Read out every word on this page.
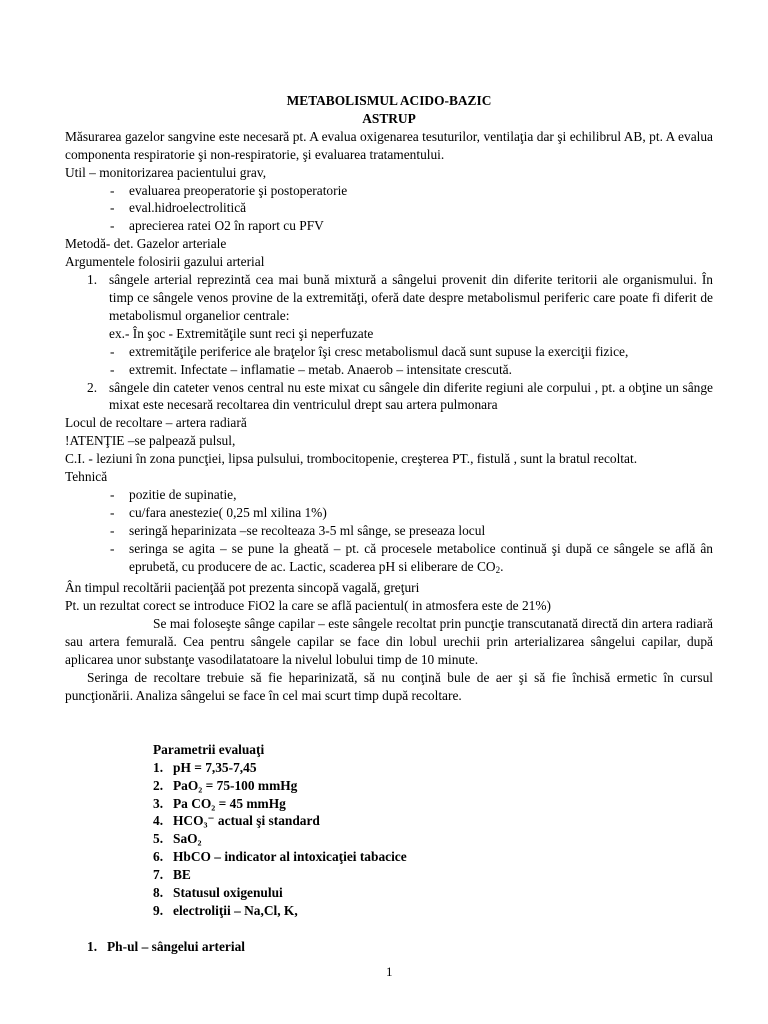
METABOLISMUL ACIDO-BAZIC

ASTRUP

Măsurarea gazelor sangvine este necesară pt. A evalua oxigenarea tesuturilor, ventilaţia dar şi echilibrul AB, pt. A evalua componenta respiratorie şi non-respiratorie, şi evaluarea tratamentului.

Util – monitorizarea pacientului grav,

- evaluarea preoperatorie şi postoperatorie
- eval.hidroelectrolitică
- aprecierea ratei O2 în raport cu PFV

Metodă- det. Gazelor arteriale

Argumentele folosirii gazului arterial

1. sângele arterial reprezintă cea mai bună mixtură a sângelui provenit din diferite teritorii ale organismului. În timp ce sângele venos provine de la extremităţi, oferă date despre metabolismul periferic care poate fi diferit de metabolismul organelior centrale:

ex.- În şoc - Extremităţile sunt reci şi neperfuzate

- extremităţile periferice ale braţelor îşi cresc metabolismul dacă sunt supuse la exerciţii fizice,
- extremit. Infectate – inflamatie – metab. Anaerob – intensitate crescută.
2. sângele din cateter venos central nu este mixat cu sângele din diferite regiuni ale corpului , pt. a obţine un sânge mixat este necesară recoltarea din ventriculul drept sau artera pulmonara

Locul de recoltare – artera radiară

!ATENŢIE –se palpează pulsul,

C.I. - leziuni în zona puncţiei, lipsa pulsului, trombocitopenie, creşterea PT., fistulă , sunt la bratul recoltat.

Tehnică

- pozitie de supinatie,
- cu/fara anestezie( 0,25 ml xilina 1%)
- seringă heparinizata –se recolteaza 3-5 ml sânge, se preseaza locul
- seringa se agita – se pune la gheată – pt. că procesele metabolice continuă şi după ce sângele se află ân eprubetă, cu producere de ac. Lactic, scaderea pH si eliberare de CO2.

Ân timpul recoltării pacienţăă pot prezenta sincopă vagală, greţuri

Pt. un rezultat corect se introduce FiO2 la care se află pacientul( in atmosfera este de 21%)

Se mai foloseşte sânge capilar – este sângele recoltat prin puncţie transcutanată directă din artera radiară sau artera femurală. Cea pentru sângele capilar se face din lobul urechii prin arterializarea sângelui capilar, după aplicarea unor substanţe vasodilatatoare la nivelul lobului timp de 10 minute.

Seringa de recoltare trebuie să fie heparinizată, să nu conţină bule de aer şi să fie închisă ermetic în cursul puncţionării. Analiza sângelui se face în cel mai scurt timp după recoltare.

Parametrii evaluaţi

1. pH = 7,35-7,45
2. PaO₂ = 75-100 mmHg
3. Pa CO₂ = 45 mmHg
4. HCO₃⁻ actual şi standard
5. SaO₂
6. HbCO – indicator al intoxicaţiei tabacice
7. BE
8. Statusul oxigenului
9. electroliţii – Na,Cl, K,
1. Ph-ul – sângelui arterial
1
